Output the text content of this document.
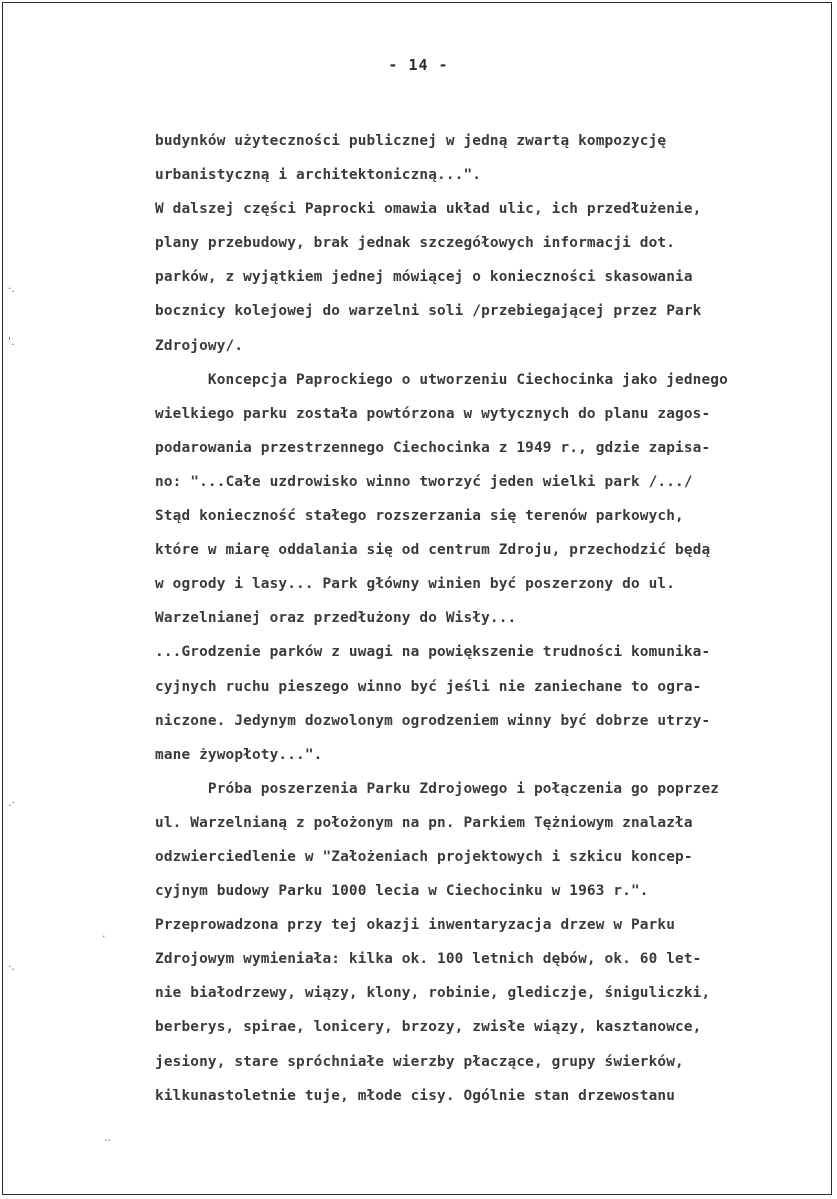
- 14 -
budynków użyteczności publicznej w jedną zwartą kompozycję
urbanistyczną i architektoniczną...".
W dalszej części Paprocki omawia układ ulic, ich przedłużenie,
plany przebudowy, brak jednak szczegółowych informacji dot.
parków, z wyjątkiem jednej mówiącej o konieczności skasowania
bocznicy kolejowej do warzelni soli /przebiegającej przez Park
Zdrojowy/.
Koncepcja Paprockiego o utworzeniu Ciechocinka jako jednego
wielkiego parku została powtórzona w wytycznych do planu zagos-
podarowania przestrzennego Ciechocinka z 1949 r., gdzie zapisa-
no: "...Całe uzdrowisko winno tworzyć jeden wielki park /.../
Stąd konieczność stałego rozszerzania się terenów parkowych,
które w miarę oddalania się od centrum Zdroju, przechodzić będą
w ogrody i lasy... Park główny winien być poszerzony do ul.
Warzelnianej oraz przedłużony do Wisły...
...Grodzenie parków z uwagi na powiększenie trudności komunika-
cyjnych ruchu pieszego winno być jeśli nie zaniechane to ogra-
niczone. Jedynym dozwolonym ogrodzeniem winny być dobrze utrzy-
mane żywopłoty...".
Próba poszerzenia Parku Zdrojowego i połączenia go poprzez
ul. Warzelnianą z położonym na pn. Parkiem Tężniowym znalazła
odzwierciedlenie w "Założeniach projektowych i szkicu koncep-
cyjnym budowy Parku 1000 lecia w Ciechocinku w 1963 r.".
Przeprowadzona przy tej okazji inwentaryzacja drzew w Parku
Zdrojowym wymieniała: kilka ok. 100 letnich dębów, ok. 60 let-
nie białodrzewy, wiązy, klony, robinie, glediczje, śniguliczki,
berberys, spirae, lonicery, brzozy, zwisłe wiązy, kasztanowce,
jesiony, stare spróchniałe wierzby płaczące, grupy świerków,
kilkunastoletnie tuje, młode cisy. Ogólnie stan drzewostanu
·.
'.
.·
·.
·
··
